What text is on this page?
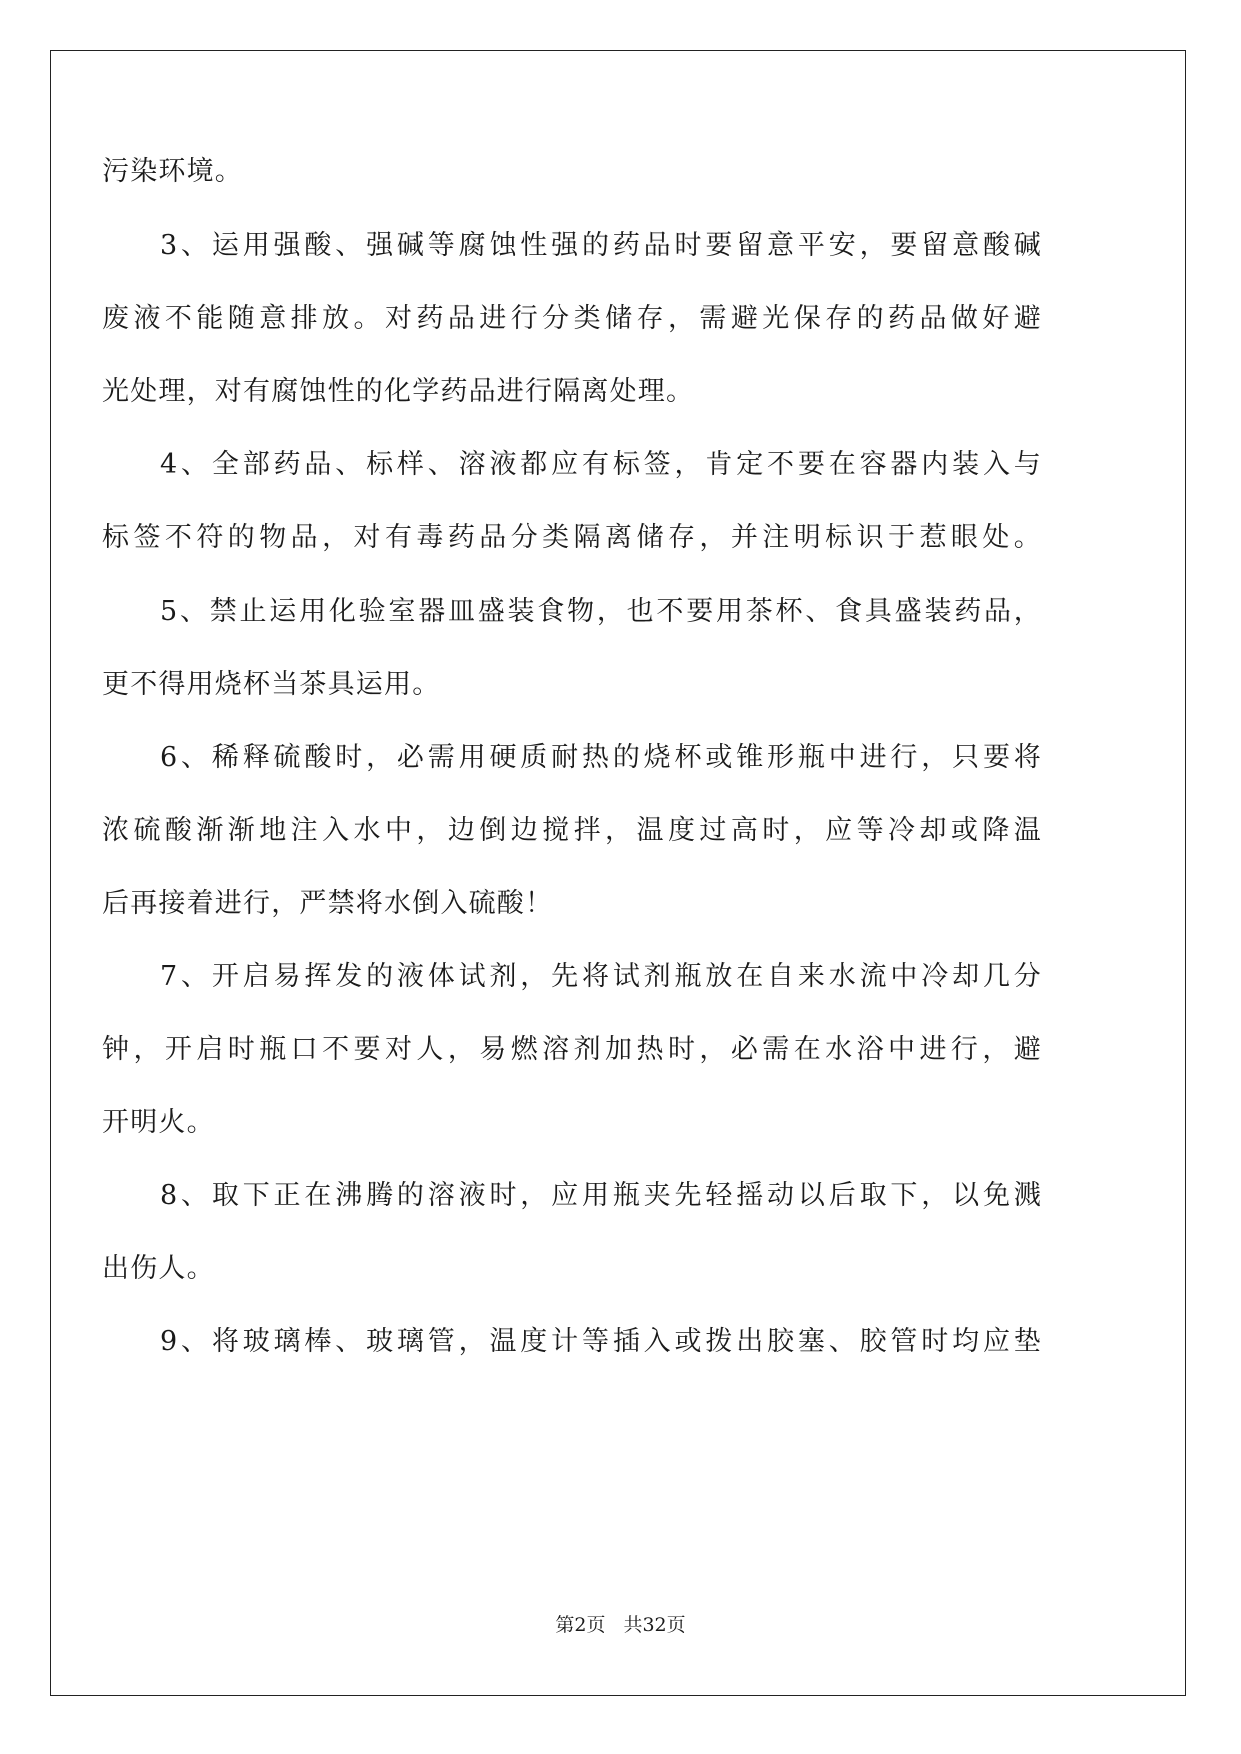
污染环境。
3、运用强酸、强碱等腐蚀性强的药品时要留意平安，要留意酸碱
废液不能随意排放。对药品进行分类储存，需避光保存的药品做好避
光处理，对有腐蚀性的化学药品进行隔离处理。
4、全部药品、标样、溶液都应有标签，肯定不要在容器内装入与
标签不符的物品，对有毒药品分类隔离储存，并注明标识于惹眼处。
5、禁止运用化验室器皿盛装食物，也不要用茶杯、食具盛装药品，
更不得用烧杯当茶具运用。
6、稀释硫酸时，必需用硬质耐热的烧杯或锥形瓶中进行，只要将
浓硫酸渐渐地注入水中，边倒边搅拌，温度过高时，应等冷却或降温
后再接着进行，严禁将水倒入硫酸！
7、开启易挥发的液体试剂，先将试剂瓶放在自来水流中冷却几分
钟，开启时瓶口不要对人，易燃溶剂加热时，必需在水浴中进行，避
开明火。
8、取下正在沸腾的溶液时，应用瓶夹先轻摇动以后取下，以免溅
出伤人。
9、将玻璃棒、玻璃管，温度计等插入或拨出胶塞、胶管时均应垫
第2页 共32页
